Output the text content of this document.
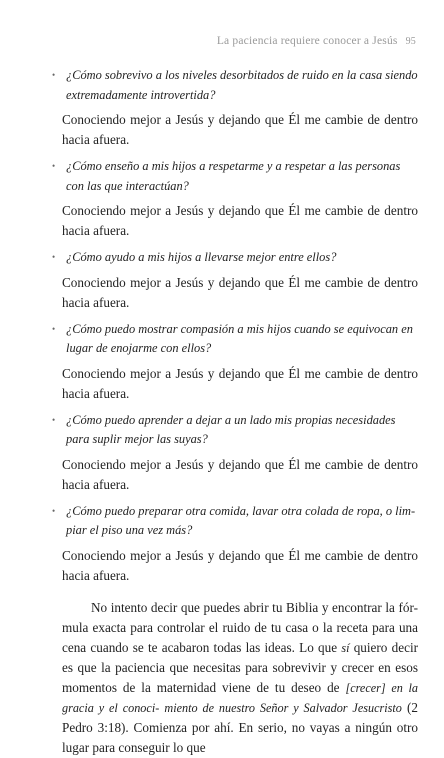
La paciencia requiere conocer a Jesús 95
• ¿Cómo sobrevivo a los niveles desorbitados de ruido en la casa siendo extremadamente introvertida?
Conociendo mejor a Jesús y dejando que Él me cambie de dentro hacia afuera.
• ¿Cómo enseño a mis hijos a respetarme y a respetar a las personas con las que interactúan?
Conociendo mejor a Jesús y dejando que Él me cambie de dentro hacia afuera.
• ¿Cómo ayudo a mis hijos a llevarse mejor entre ellos?
Conociendo mejor a Jesús y dejando que Él me cambie de dentro hacia afuera.
• ¿Cómo puedo mostrar compasión a mis hijos cuando se equivocan en lugar de enojarme con ellos?
Conociendo mejor a Jesús y dejando que Él me cambie de dentro hacia afuera.
• ¿Cómo puedo aprender a dejar a un lado mis propias necesidades para suplir mejor las suyas?
Conociendo mejor a Jesús y dejando que Él me cambie de dentro hacia afuera.
• ¿Cómo puedo preparar otra comida, lavar otra colada de ropa, o lim- piar el piso una vez más?
Conociendo mejor a Jesús y dejando que Él me cambie de dentro hacia afuera.
No intento decir que puedes abrir tu Biblia y encontrar la fór- mula exacta para controlar el ruido de tu casa o la receta para una cena cuando se te acabaron todas las ideas. Lo que sí quiero decir es que la paciencia que necesitas para sobrevivir y crecer en esos momentos de la maternidad viene de tu deseo de [crecer] en la gracia y el conoci- miento de nuestro Señor y Salvador Jesucristo (2 Pedro 3:18). Comienza por ahí. En serio, no vayas a ningún otro lugar para conseguir lo que
